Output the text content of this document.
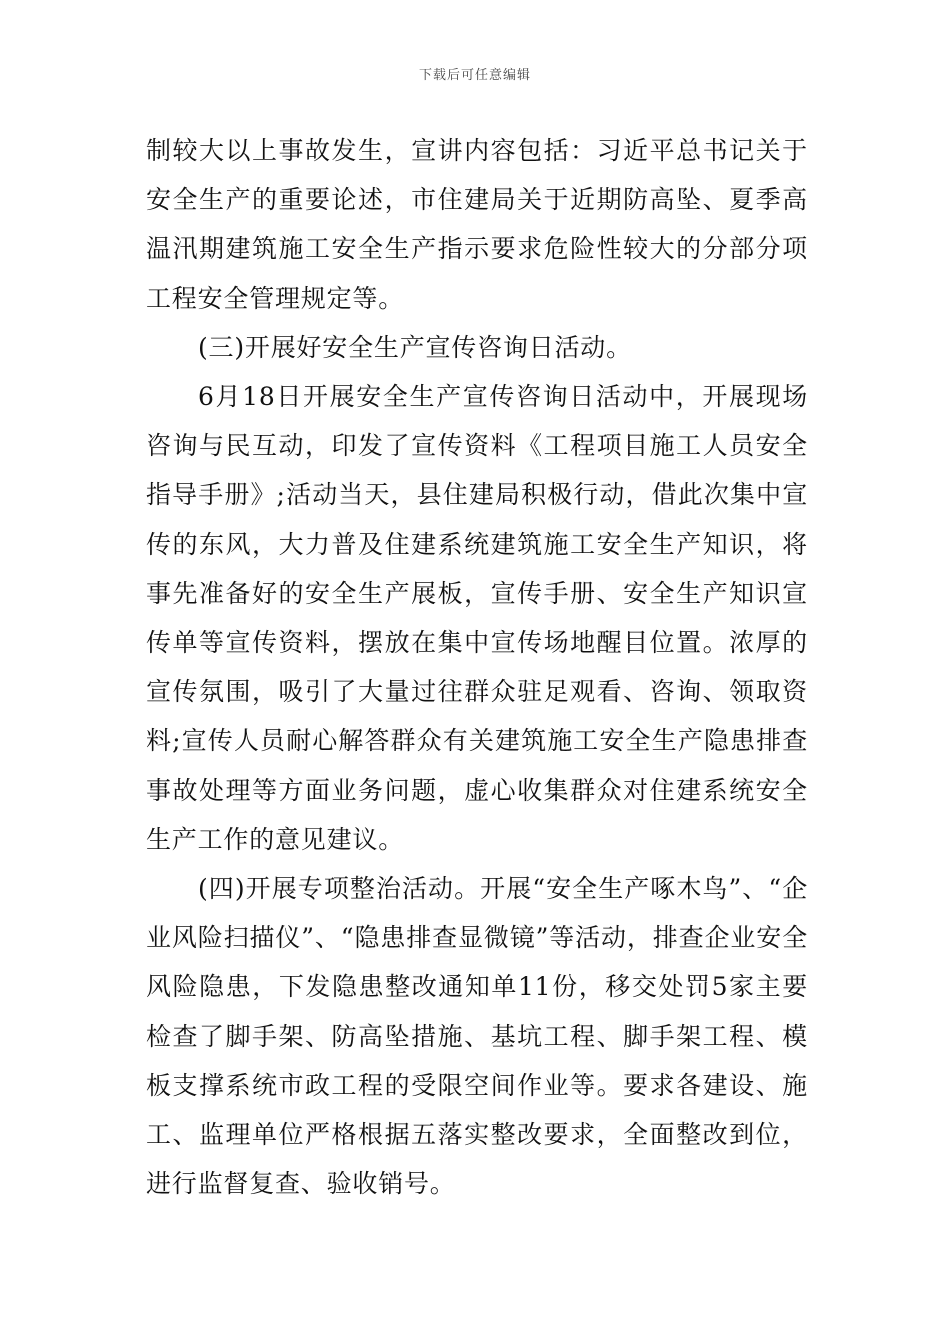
下载后可任意编辑

制较大以上事故发生，宣讲内容包括：习近平总书记关于安全生产的重要论述，市住建局关于近期防高坠、夏季高温汛期建筑施工安全生产指示要求危险性较大的分部分项工程安全管理规定等。

(三)开展好安全生产宣传咨询日活动。

6月18日开展安全生产宣传咨询日活动中，开展现场咨询与民互动，印发了宣传资料《工程项目施工人员安全指导手册》;活动当天，县住建局积极行动，借此次集中宣传的东风，大力普及住建系统建筑施工安全生产知识，将事先准备好的安全生产展板，宣传手册、安全生产知识宣传单等宣传资料，摆放在集中宣传场地醒目位置。浓厚的宣传氛围，吸引了大量过往群众驻足观看、咨询、领取资料;宣传人员耐心解答群众有关建筑施工安全生产隐患排查事故处理等方面业务问题，虚心收集群众对住建系统安全生产工作的意见建议。

(四)开展专项整治活动。开展“安全生产啄木鸟”、“企业风险扫描仪”、“隐患排查显微镜”等活动，排查企业安全风险隐患，下发隐患整改通知单11份，移交处罚5家主要检查了脚手架、防高坠措施、基坑工程、脚手架工程、模板支撑系统市政工程的受限空间作业等。要求各建设、施工、监理单位严格根据五落实整改要求，全面整改到位，进行监督复查、验收销号。
